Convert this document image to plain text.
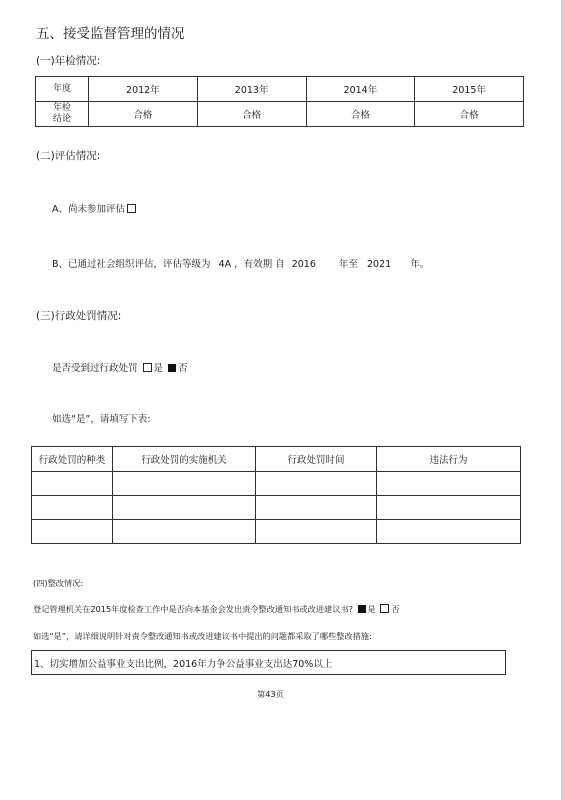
五、接受监督管理的情况
(一)年检情况:
年度	2012年	2013年	2014年	2015年
年检
结论	合格	合格	合格	合格
(二)评估情况:
A、尚未参加评估
B、已通过社会组织评估，评估等级为 4A ，有效期 自 2016 年至 2021 年。
(三)行政处罚情况:
是否受到过行政处罚 是 否
如选“是”，请填写下表:
行政处罚的种类	行政处罚的实施机关	行政处罚时间	违法行为

(四)整改情况:
登记管理机关在2015年度检查工作中是否向本基金会发出责令整改通知书或改进建议书? 是 否
如选“是”，请详细说明针对责令整改通知书或改进建议书中提出的问题都采取了哪些整改措施:
1、切实增加公益事业支出比例，2016年力争公益事业支出达70%以上
第43页
